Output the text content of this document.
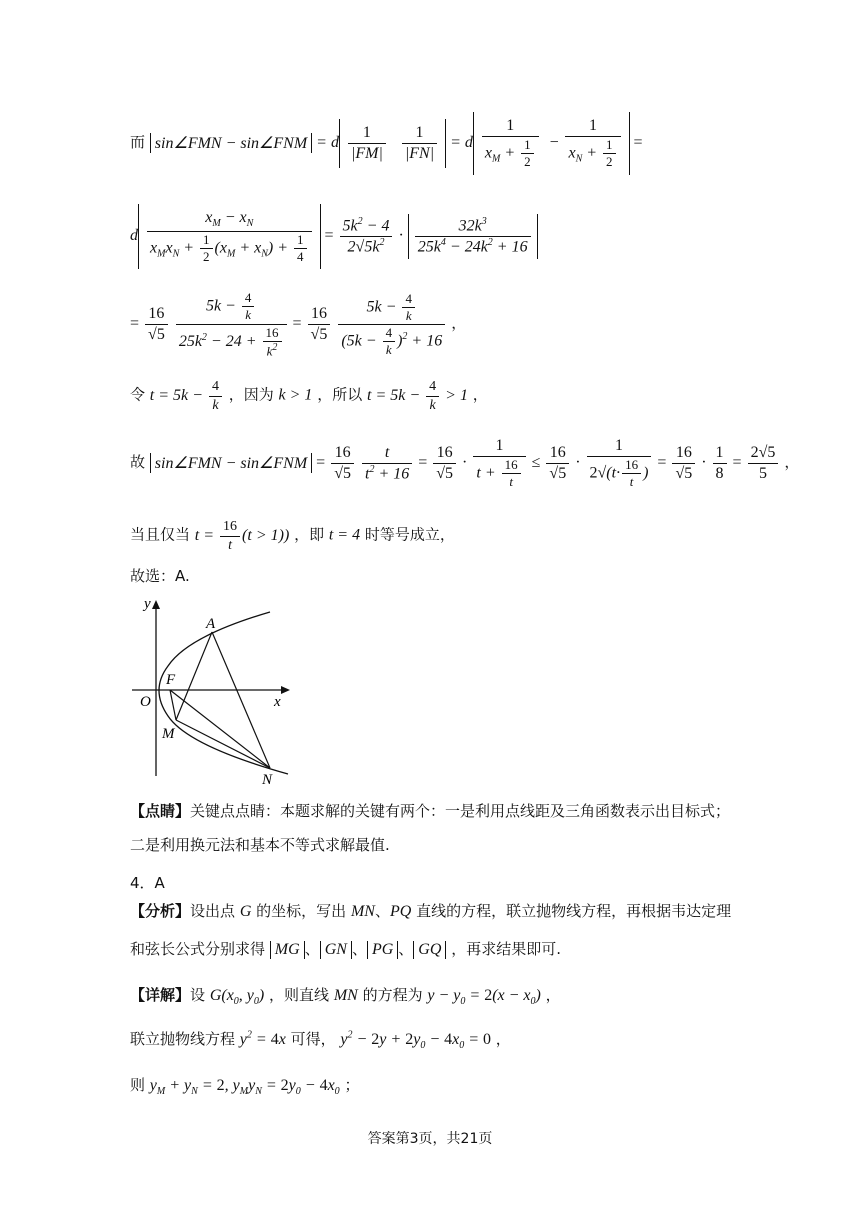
而 sin∠FMN − sin∠FNM = d $\frac{1}{|FM|}$
$\frac{1}{|FN|} = d \frac{1}{x_M + \frac{1}{2}} - \frac{1}{x_N + \frac{1}{2}}$ =
d $\frac{x_M - x_N}{x_Mx_N + \frac{1}{2} (x_M + x_N) + \frac{1}{4}} = \frac{5k^2 - 4}{2√5k^2} \cdot \frac{32k^3}{25k^4 - 24k^2 + 16}$
= $\frac{16}{√5}$
$\frac{5k - \frac{4}{k}}{25k^2 - 24 + \frac{16}{k^2}} = \frac{16}{√5}$
$\frac{5k - \frac{4}{k}}{(5k - \frac{4}{k} )^2 + 16}$ ，
令 $t = 5k - \frac{4}{k}$ ，因为 k > 1 ，所以 $t = 5k - \frac{4}{k} > 1$ ，
故 sin∠FMN − sin∠FNM = $\frac{16}{√5}$
$\frac{t}{t^2 + 16} = \frac{16}{√5} \cdot \frac{1}{t + \frac{16}{t}} \le \frac{16}{√5} \cdot \frac{1}{2√(t\cdot \frac{16}{t} )} = \frac{16}{√5} \cdot \frac{1}{8} = \frac{2√5}{5}$ ，
当且仅当 $t = \frac{16}{t} (t > 1)$) ，即 t = 4 时等号成立，
故选：A.
y
x
O
F
A
M
N
【点睛】关键点点睛：本题求解的关键有两个：一是利用点线距及三角函数表示出目标式；
二是利用换元法和基本不等式求解最值.
4．A
【分析】设出点 G 的坐标，写出 MN、PQ 直线的方程，联立抛物线方程，再根据韦达定理
和弦长公式分别求得 MG 、 GN 、 PG 、 GQ ，再求结果即可.
【详解】设 $G(x_0$, $y_0$) ，则直线 MN 的方程为 $y - y_0 = 2(x - x_0)$ ，
联立抛物线方程 $y^2 = 4x$ 可得， $y^2 - 2y + 2y_0 - 4x_0 = 0$ ，
则 $y_M + y_N = 2$, $y_My_N = 2y_0 - 4x_0$ ；
答案第3页，共21页
